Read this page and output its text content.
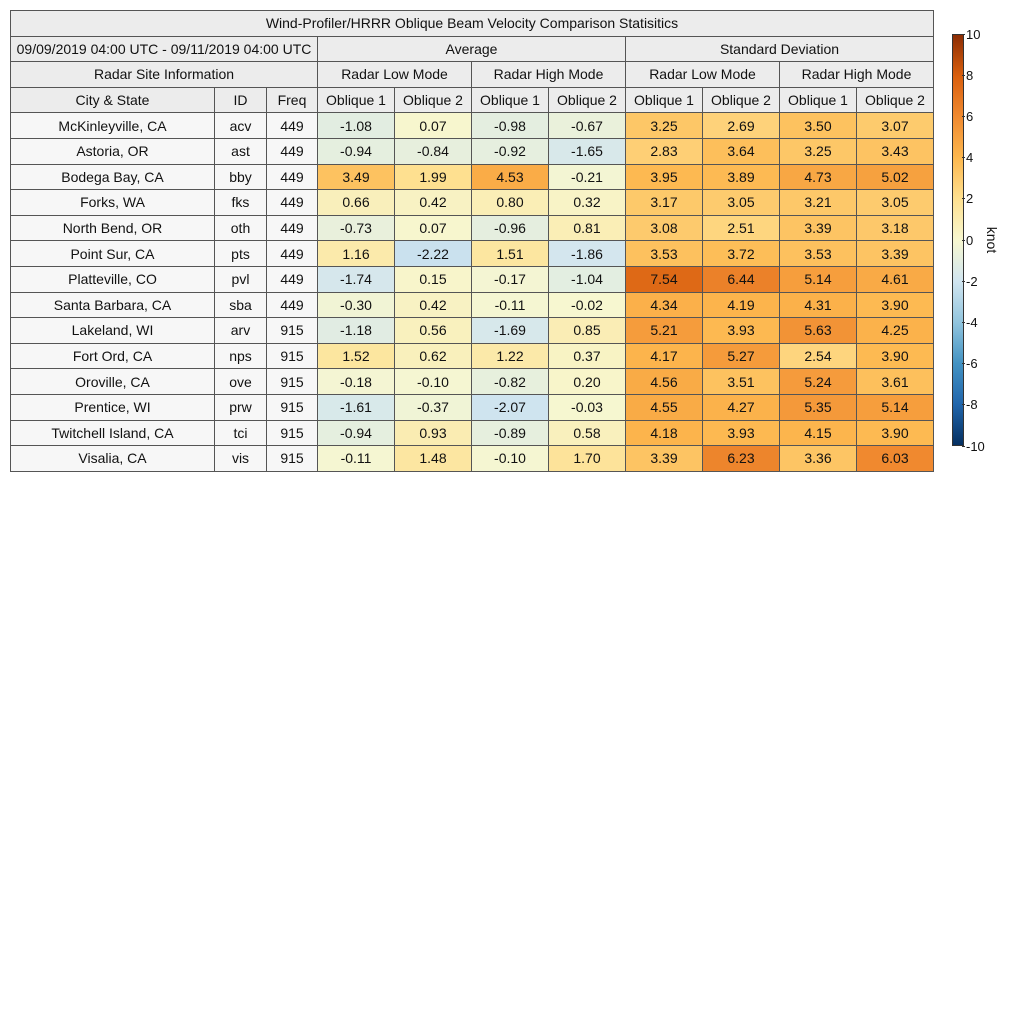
Wind-Profiler/HRRR Oblique Beam Velocity Comparison Statisitics										
09/09/2019 04:00 UTC - 09/11/2019 04:00 UTC			Average				Standard Deviation			
Radar Site Information			Radar Low Mode		Radar High Mode		Radar Low Mode		Radar High Mode	
City & State	ID	Freq	Oblique 1	Oblique 2	Oblique 1	Oblique 2	Oblique 1	Oblique 2	Oblique 1	Oblique 2
McKinleyville, CA	acv	449	-1.08	0.07	-0.98	-0.67	3.25	2.69	3.50	3.07
Astoria, OR	ast	449	-0.94	-0.84	-0.92	-1.65	2.83	3.64	3.25	3.43
Bodega Bay, CA	bby	449	3.49	1.99	4.53	-0.21	3.95	3.89	4.73	5.02
Forks, WA	fks	449	0.66	0.42	0.80	0.32	3.17	3.05	3.21	3.05
North Bend, OR	oth	449	-0.73	0.07	-0.96	0.81	3.08	2.51	3.39	3.18
Point Sur, CA	pts	449	1.16	-2.22	1.51	-1.86	3.53	3.72	3.53	3.39
Platteville, CO	pvl	449	-1.74	0.15	-0.17	-1.04	7.54	6.44	5.14	4.61
Santa Barbara, CA	sba	449	-0.30	0.42	-0.11	-0.02	4.34	4.19	4.31	3.90
Lakeland, WI	arv	915	-1.18	0.56	-1.69	0.85	5.21	3.93	5.63	4.25
Fort Ord, CA	nps	915	1.52	0.62	1.22	0.37	4.17	5.27	2.54	3.90
Oroville, CA	ove	915	-0.18	-0.10	-0.82	0.20	4.56	3.51	5.24	3.61
Prentice, WI	prw	915	-1.61	-0.37	-2.07	-0.03	4.55	4.27	5.35	5.14
Twitchell Island, CA	tci	915	-0.94	0.93	-0.89	0.58	4.18	3.93	4.15	3.90
Visalia, CA	vis	915	-0.11	1.48	-0.10	1.70	3.39	6.23	3.36	6.03
10
8
6
4
2
0
-2
-4
-6
-8
-10
knot
